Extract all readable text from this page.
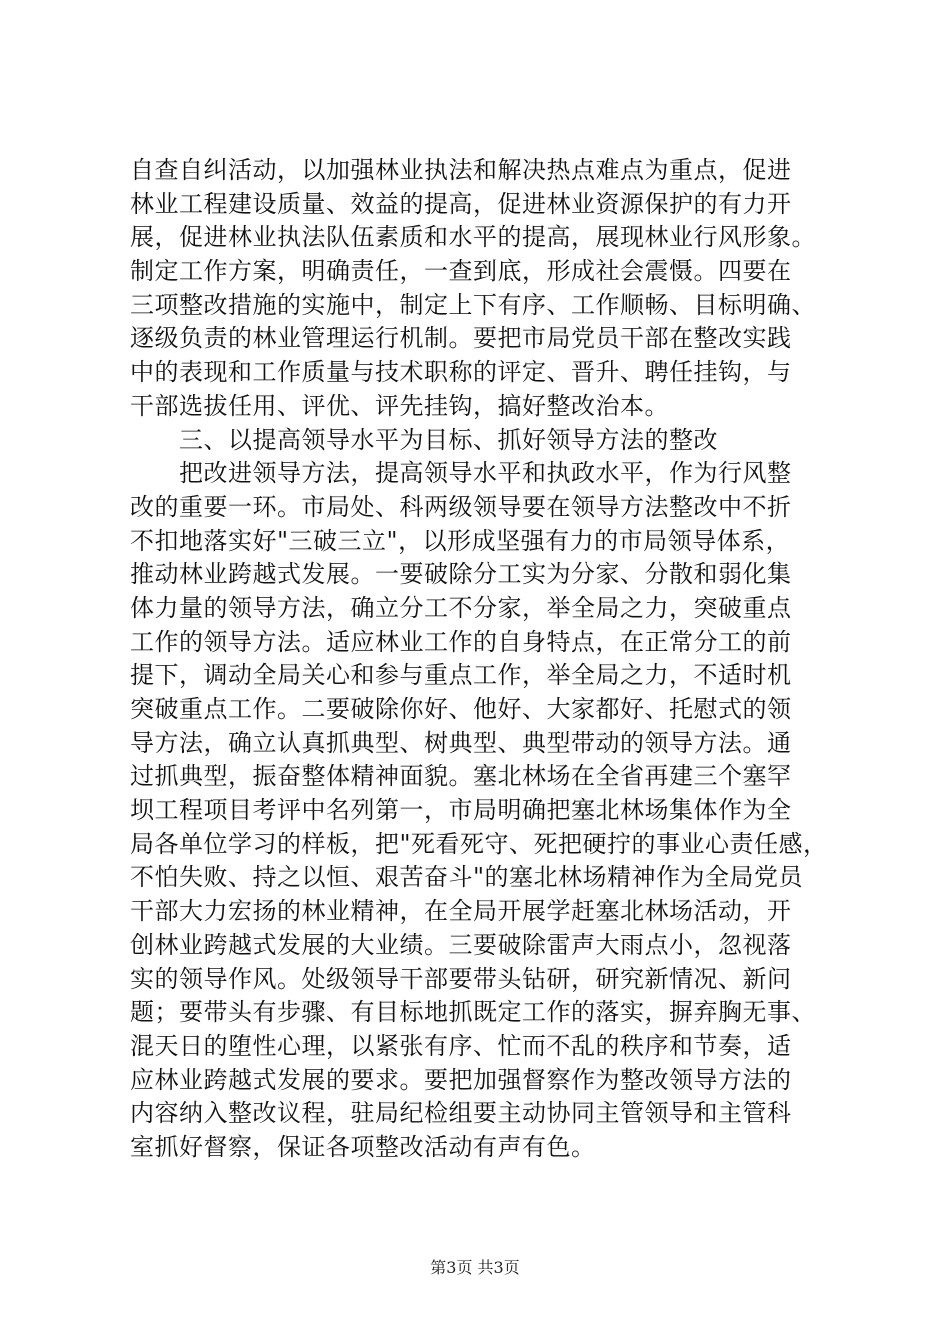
自查自纠活动，以加强林业执法和解决热点难点为重点，促进
林业工程建设质量、效益的提高，促进林业资源保护的有力开
展，促进林业执法队伍素质和水平的提高，展现林业行风形象。
制定工作方案，明确责任，一查到底，形成社会震慑。四要在
三项整改措施的实施中，制定上下有序、工作顺畅、目标明确、
逐级负责的林业管理运行机制。要把市局党员干部在整改实践
中的表现和工作质量与技术职称的评定、晋升、聘任挂钩，与
干部选拔任用、评优、评先挂钩，搞好整改治本。
　　三、以提高领导水平为目标、抓好领导方法的整改
　　把改进领导方法，提高领导水平和执政水平，作为行风整
改的重要一环。市局处、科两级领导要在领导方法整改中不折
不扣地落实好"三破三立"，以形成坚强有力的市局领导体系，
推动林业跨越式发展。一要破除分工实为分家、分散和弱化集
体力量的领导方法，确立分工不分家，举全局之力，突破重点
工作的领导方法。适应林业工作的自身特点，在正常分工的前
提下，调动全局关心和参与重点工作，举全局之力，不适时机
突破重点工作。二要破除你好、他好、大家都好、托慰式的领
导方法，确立认真抓典型、树典型、典型带动的领导方法。通
过抓典型，振奋整体精神面貌。塞北林场在全省再建三个塞罕
坝工程项目考评中名列第一，市局明确把塞北林场集体作为全
局各单位学习的样板，把"死看死守、死把硬拧的事业心责任感，
不怕失败、持之以恒、艰苦奋斗"的塞北林场精神作为全局党员
干部大力宏扬的林业精神，在全局开展学赶塞北林场活动，开
创林业跨越式发展的大业绩。三要破除雷声大雨点小，忽视落
实的领导作风。处级领导干部要带头钻研，研究新情况、新问
题；要带头有步骤、有目标地抓既定工作的落实，摒弃胸无事、
混天日的堕性心理，以紧张有序、忙而不乱的秩序和节奏，适
应林业跨越式发展的要求。要把加强督察作为整改领导方法的
内容纳入整改议程，驻局纪检组要主动协同主管领导和主管科
室抓好督察，保证各项整改活动有声有色。
第3页 共3页
